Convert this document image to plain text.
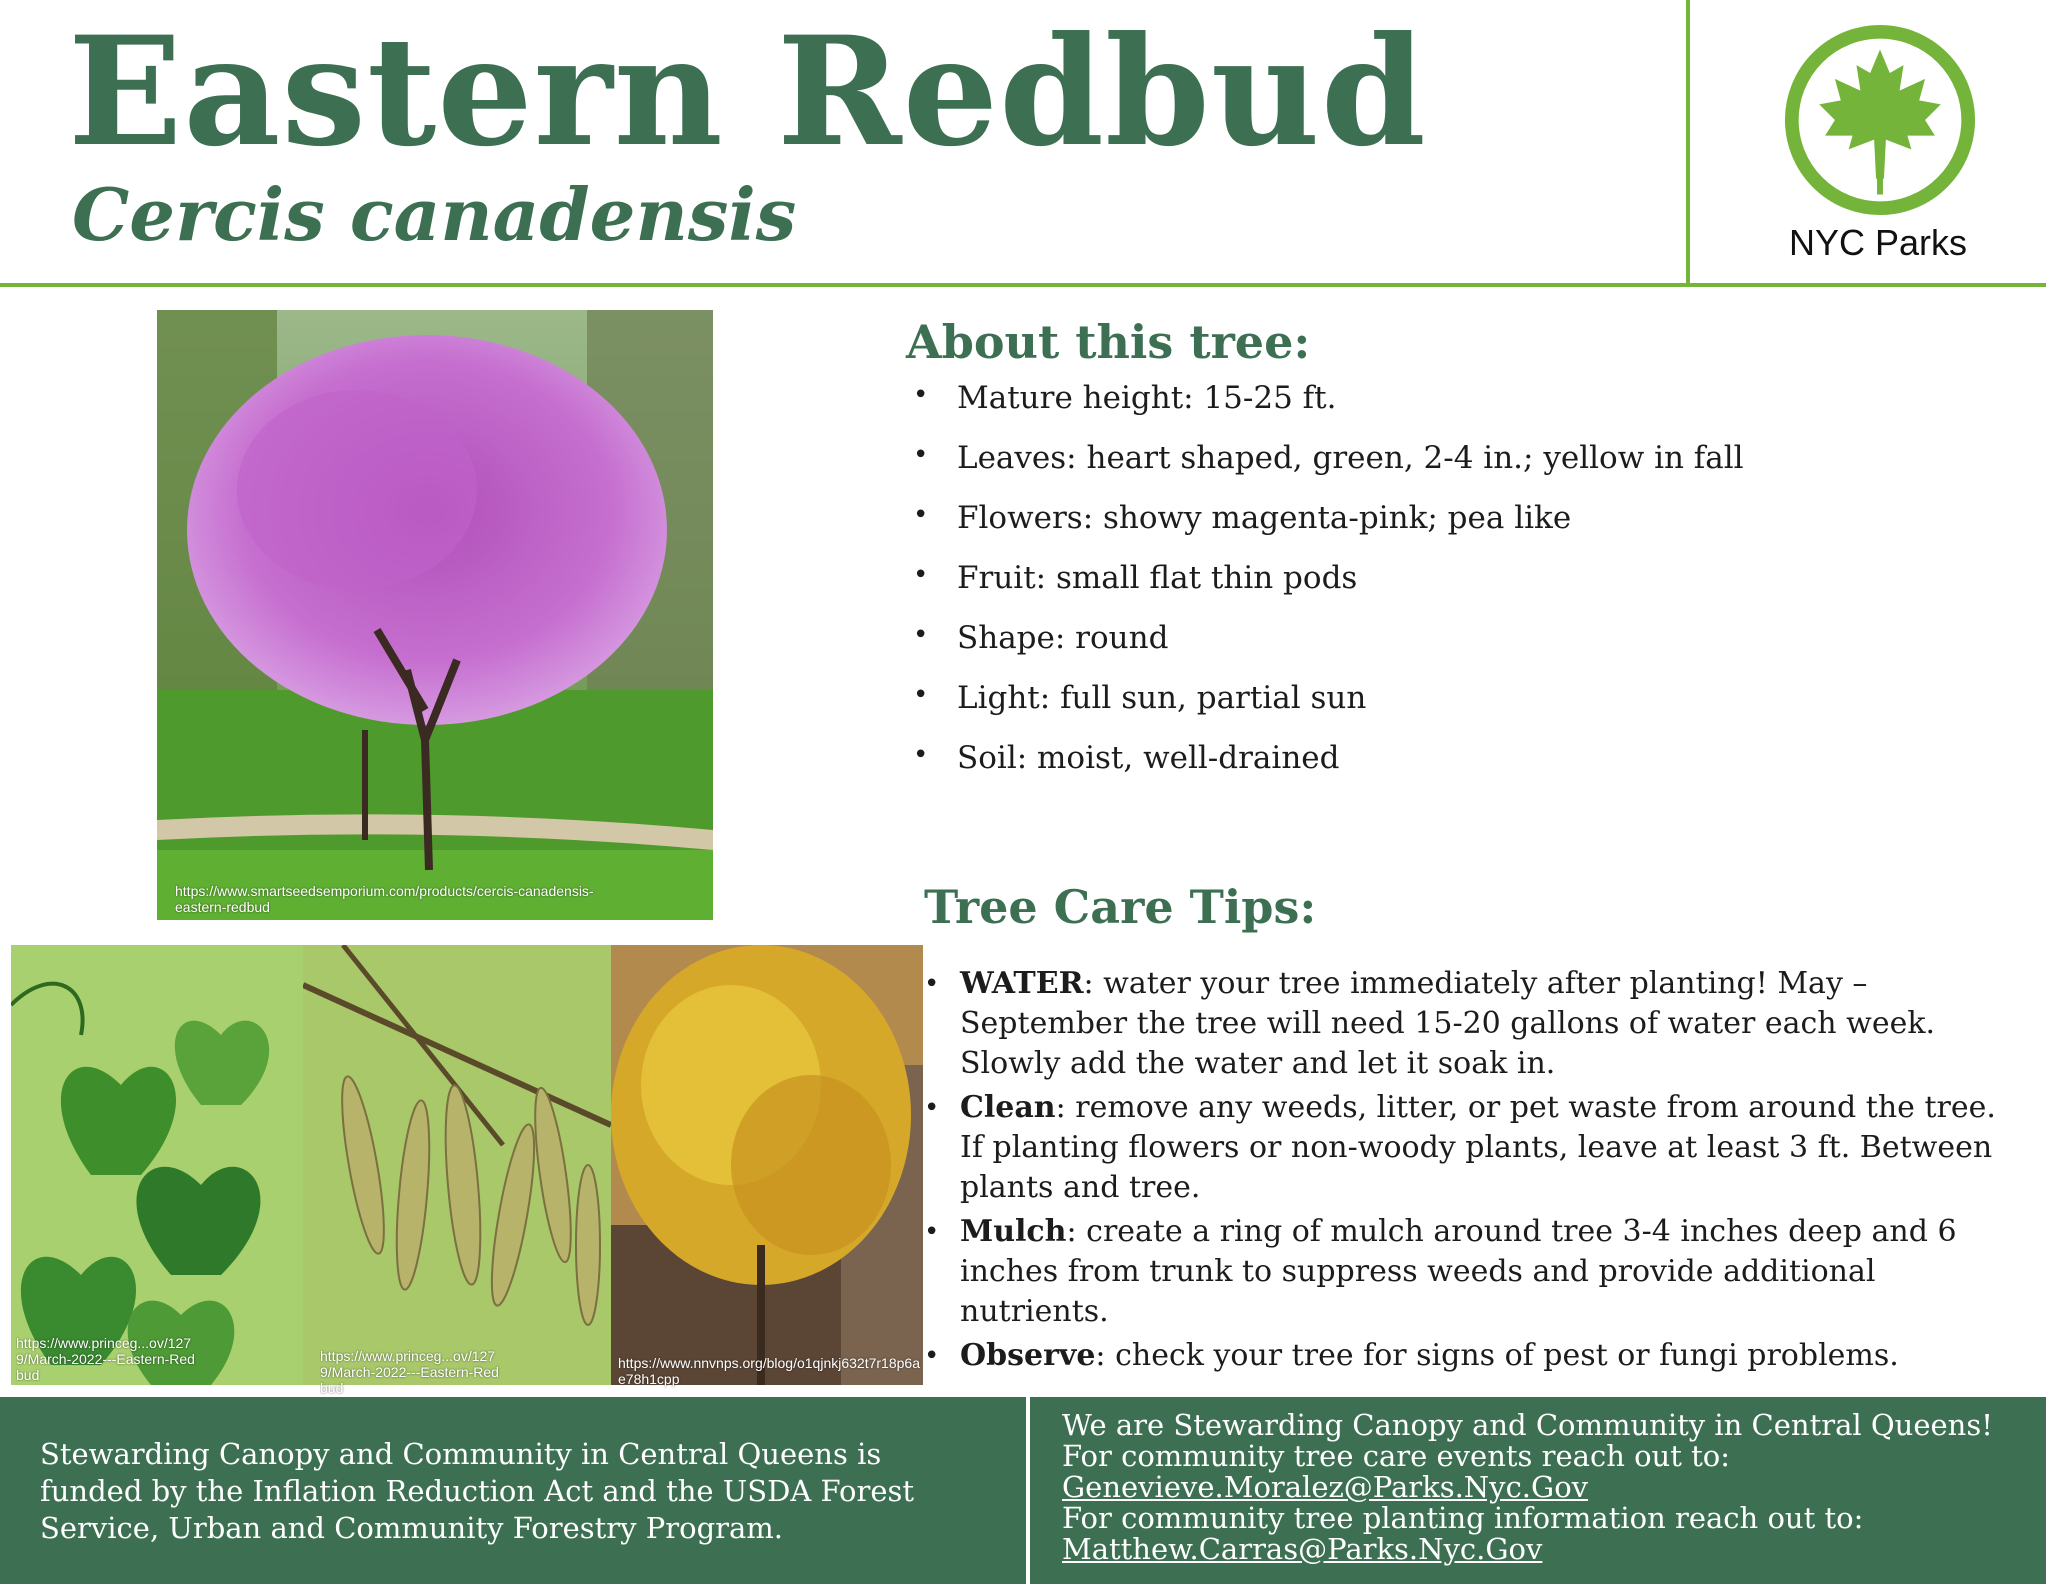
Eastern Redbud
Cercis canadensis	NYC Parks
https://www.smartseedsemporium.com/products/cercis-canadensis-eastern-redbud
https://www.princeg...ov/1279/March-2022---Eastern-Redbud
https://www.princeg...ov/1279/March-2022---Eastern-Redbud
https://www.nnvnps.org/blog/o1qjnkj632t7r18p6ae78h1cpp
About this tree:
• Mature height: 15-25 ft.
• Leaves: heart shaped, green, 2-4 in.; yellow in fall
• Flowers: showy magenta-pink; pea like
• Fruit: small flat thin pods
• Shape: round
• Light: full sun, partial sun
• Soil: moist, well-drained
Tree Care Tips:
• WATER: water your tree immediately after planting! May – September the tree will need 15-20 gallons of water each week. Slowly add the water and let it soak in.
• Clean: remove any weeds, litter, or pet waste from around the tree. If planting flowers or non-woody plants, leave at least 3 ft. Between plants and tree.
• Mulch: create a ring of mulch around tree 3-4 inches deep and 6 inches from trunk to suppress weeds and provide additional nutrients.
• Observe: check your tree for signs of pest or fungi problems.
Stewarding Canopy and Community in Central Queens is funded by the Inflation Reduction Act and the USDA Forest Service, Urban and Community Forestry Program.
We are Stewarding Canopy and Community in Central Queens!
For community tree care events reach out to:
Genevieve.Moralez@Parks.Nyc.Gov
For community tree planting information reach out to:
Matthew.Carras@Parks.Nyc.Gov
